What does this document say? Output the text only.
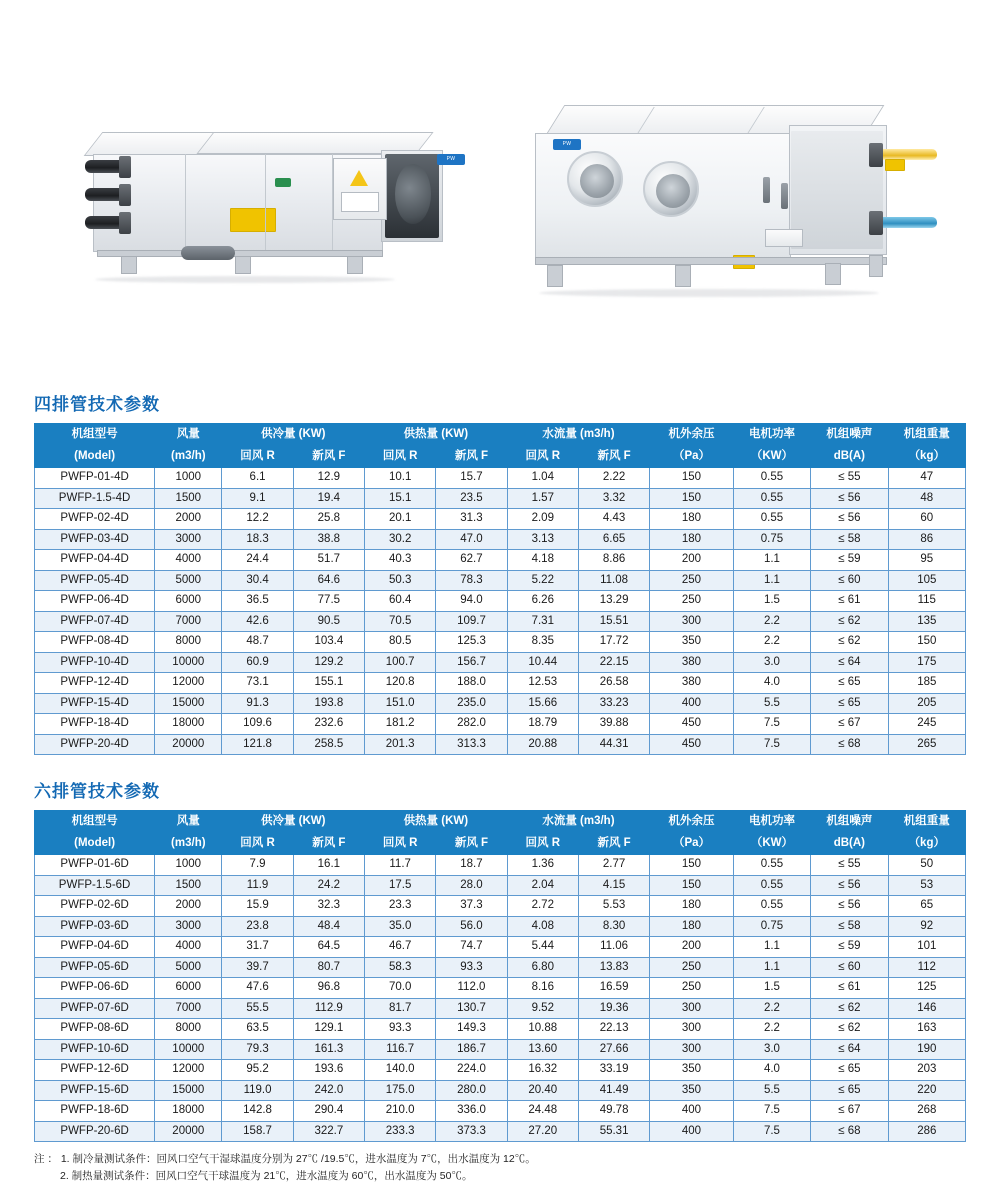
PW
PW
四排管技术参数
机组型号	风量	供冷量 (KW)		供热量 (KW)		水流量 (m3/h)		机外余压	电机功率	机组噪声	机组重量
(Model)	(m3/h)	回风 R	新风 F	回风 R	新风 F	回风 R	新风 F	（Pa）	（KW）	dB(A)	（kg）
PWFP-01-4D	1000	6.1	12.9	10.1	15.7	1.04	2.22	150	0.55	≤ 55	47
PWFP-1.5-4D	1500	9.1	19.4	15.1	23.5	1.57	3.32	150	0.55	≤ 56	48
PWFP-02-4D	2000	12.2	25.8	20.1	31.3	2.09	4.43	180	0.55	≤ 56	60
PWFP-03-4D	3000	18.3	38.8	30.2	47.0	3.13	6.65	180	0.75	≤ 58	86
PWFP-04-4D	4000	24.4	51.7	40.3	62.7	4.18	8.86	200	1.1	≤ 59	95
PWFP-05-4D	5000	30.4	64.6	50.3	78.3	5.22	11.08	250	1.1	≤ 60	105
PWFP-06-4D	6000	36.5	77.5	60.4	94.0	6.26	13.29	250	1.5	≤ 61	115
PWFP-07-4D	7000	42.6	90.5	70.5	109.7	7.31	15.51	300	2.2	≤ 62	135
PWFP-08-4D	8000	48.7	103.4	80.5	125.3	8.35	17.72	350	2.2	≤ 62	150
PWFP-10-4D	10000	60.9	129.2	100.7	156.7	10.44	22.15	380	3.0	≤ 64	175
PWFP-12-4D	12000	73.1	155.1	120.8	188.0	12.53	26.58	380	4.0	≤ 65	185
PWFP-15-4D	15000	91.3	193.8	151.0	235.0	15.66	33.23	400	5.5	≤ 65	205
PWFP-18-4D	18000	109.6	232.6	181.2	282.0	18.79	39.88	450	7.5	≤ 67	245
PWFP-20-4D	20000	121.8	258.5	201.3	313.3	20.88	44.31	450	7.5	≤ 68	265
六排管技术参数
机组型号	风量	供冷量 (KW)		供热量 (KW)		水流量 (m3/h)		机外余压	电机功率	机组噪声	机组重量
(Model)	(m3/h)	回风 R	新风 F	回风 R	新风 F	回风 R	新风 F	（Pa）	（KW）	dB(A)	（kg）
PWFP-01-6D	1000	7.9	16.1	11.7	18.7	1.36	2.77	150	0.55	≤ 55	50
PWFP-1.5-6D	1500	11.9	24.2	17.5	28.0	2.04	4.15	150	0.55	≤ 56	53
PWFP-02-6D	2000	15.9	32.3	23.3	37.3	2.72	5.53	180	0.55	≤ 56	65
PWFP-03-6D	3000	23.8	48.4	35.0	56.0	4.08	8.30	180	0.75	≤ 58	92
PWFP-04-6D	4000	31.7	64.5	46.7	74.7	5.44	11.06	200	1.1	≤ 59	101
PWFP-05-6D	5000	39.7	80.7	58.3	93.3	6.80	13.83	250	1.1	≤ 60	112
PWFP-06-6D	6000	47.6	96.8	70.0	112.0	8.16	16.59	250	1.5	≤ 61	125
PWFP-07-6D	7000	55.5	112.9	81.7	130.7	9.52	19.36	300	2.2	≤ 62	146
PWFP-08-6D	8000	63.5	129.1	93.3	149.3	10.88	22.13	300	2.2	≤ 62	163
PWFP-10-6D	10000	79.3	161.3	116.7	186.7	13.60	27.66	300	3.0	≤ 64	190
PWFP-12-6D	12000	95.2	193.6	140.0	224.0	16.32	33.19	350	4.0	≤ 65	203
PWFP-15-6D	15000	119.0	242.0	175.0	280.0	20.40	41.49	350	5.5	≤ 65	220
PWFP-18-6D	18000	142.8	290.4	210.0	336.0	24.48	49.78	400	7.5	≤ 67	268
PWFP-20-6D	20000	158.7	322.7	233.3	373.3	27.20	55.31	400	7.5	≤ 68	286
注 ： 1. 制冷量测试条件：回风口空气干湿球温度分别为 27℃ /19.5℃，进水温度为 7℃，出水温度为 12℃。
2. 制热量测试条件：回风口空气干球温度为 21℃，进水温度为 60℃，出水温度为 50℃。
